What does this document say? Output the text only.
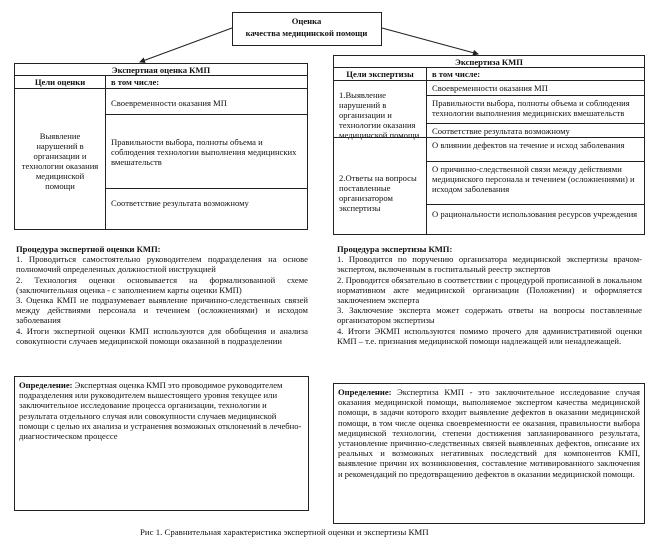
Оценка
качества медицинской помощи
Экспертная оценка КМП
Цели оценки	в том числе:
Выявление нарушений в организации и технологии оказания медицинской помощи
Своевременности оказания МП
Правильности выбора, полноты объема и соблюдения технологии выполнения медицинских вмешательств
Соответствие результата возможному
Экспертиза КМП
Цели экспертизы	в том числе:
1.Выявление нарушений в организации и технологии оказания медицинской помощи
Своевременности оказания МП
Правильности выбора, полноты объема и соблюдения технологии выполнения медицинских вмешательств
Соответствие результата возможному
2.Ответы на вопросы поставленные организатором экспертизы
О влиянии дефектов на течение и исход заболевания
О причинно-следственной связи между действиями медицинского персонала и течением (осложнениями) и исходом заболевания
О рациональности использования ресурсов учреждения

Процедура экспертной оценки КМП:

1. Проводиться самостоятельно руководителем подразделения на основе полномочий определенных должностной инструкцией

2. Технология оценки основывается на формализованной схеме (заключительная оценка - с заполнением карты оценки КМП)

3. Оценка КМП не подразумевает выявление причинно-следственных связей между действиями персонала и течением (осложнениями) и исходом заболевания

4. Итоги экспертной оценки КМП используются для обобщения и анализа совокупности случаев медицинской помощи оказанной в подразделении

Процедура экспертизы КМП:

1. Проводится по поручению организатора медицинской экспертизы врачом-экспертом, включенным в госпитальный реестр экспертов

2. Проводится обязательно в соответствии с процедурой прописанной в локальном нормативном акте медицинской организации (Положении) и оформляется заключением эксперта

3. Заключение эксперта может содержать ответы на вопросы поставленные организатором экспертизы

4. Итоги ЭКМП используются помимо прочего для административной оценки КМП – т.е. признания медицинской помощи надлежащей или ненадлежащей.

Определение: Экспертная оценка КМП это проводимое руководителем подразделения или руководителем вышестоящего уровня текущее или заключительное исследование процесса организации, технологии и результата отдельного случая или совокупности случаев медицинской помощи с целью их анализа и устранения возможных отклонений в лечебно-диагностическом процессе
Определение: Экспертиза КМП - это заключительное исследование случая оказания медицинской помощи, выполняемое экспертом качества медицинской помощи, в задачи которого входит выявление дефектов в оказании медицинской помощи, в том числе оценка своевременности ее оказания, правильности выбора медицинской технологии, степени достижения запланированного результата, установление причинно-следственных связей выявленных дефектов, описание их реальных и возможных негативных последствий для компонентов КМП, выявление причин их возникновения, составление мотивированного заключения и рекомендаций по предотвращению дефектов в оказании медицинской помощи.
Рис 1. Сравнительная характеристика экспертной оценки и экспертизы КМП
